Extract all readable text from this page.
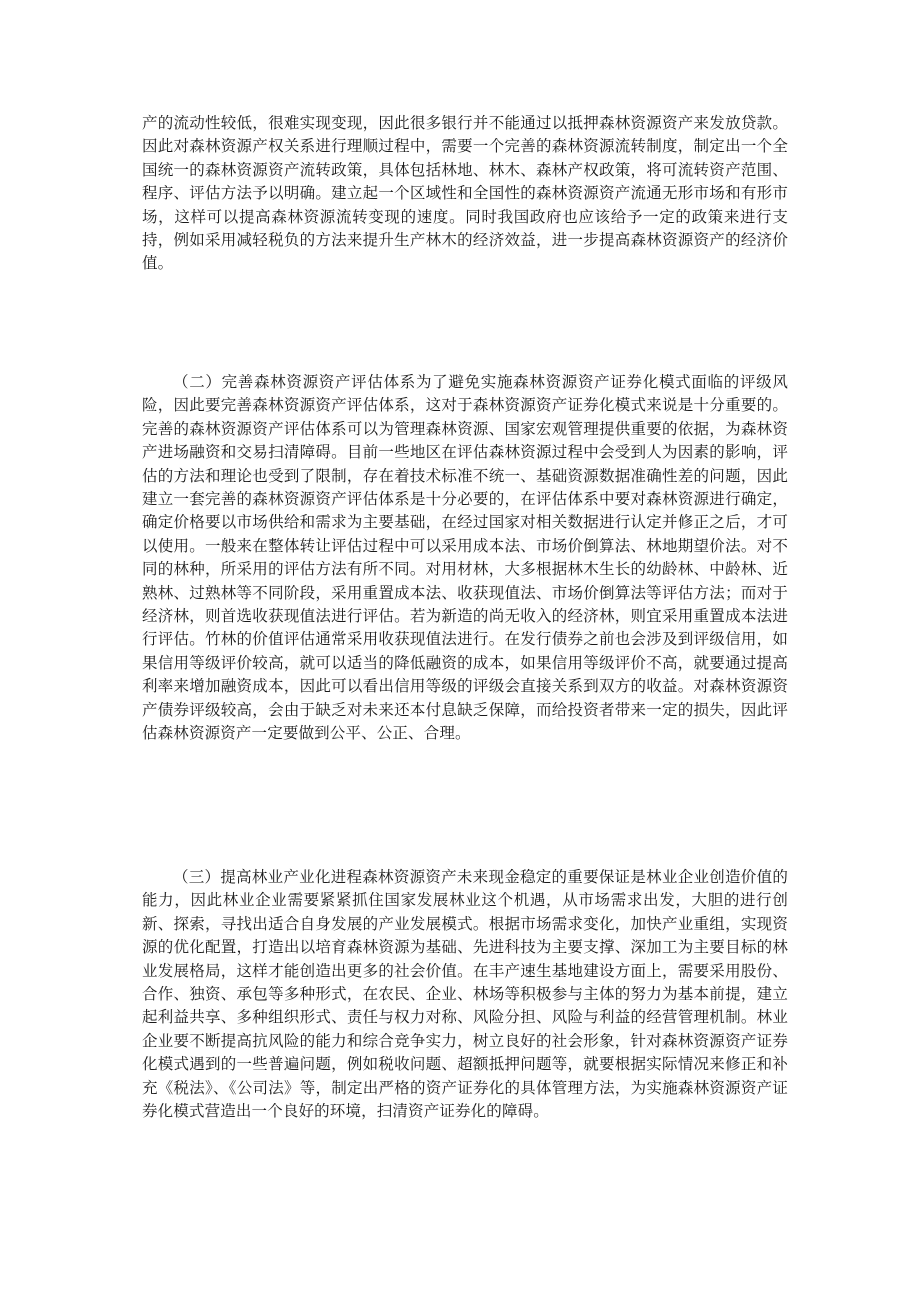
产的流动性较低，很难实现变现，因此很多银行并不能通过以抵押森林资源资产来发放贷款。因此对森林资源产权关系进行理顺过程中，需要一个完善的森林资源流转制度，制定出一个全国统一的森林资源资产流转政策，具体包括林地、林木、森林产权政策，将可流转资产范围、程序、评估方法予以明确。建立起一个区域性和全国性的森林资源资产流通无形市场和有形市场，这样可以提高森林资源流转变现的速度。同时我国政府也应该给予一定的政策来进行支持，例如采用减轻税负的方法来提升生产林木的经济效益，进一步提高森林资源资产的经济价值。

（二）完善森林资源资产评估体系为了避免实施森林资源资产证券化模式面临的评级风险，因此要完善森林资源资产评估体系，这对于森林资源资产证券化模式来说是十分重要的。完善的森林资源资产评估体系可以为管理森林资源、国家宏观管理提供重要的依据，为森林资产进场融资和交易扫清障碍。目前一些地区在评估森林资源过程中会受到人为因素的影响，评估的方法和理论也受到了限制，存在着技术标准不统一、基础资源数据准确性差的问题，因此建立一套完善的森林资源资产评估体系是十分必要的，在评估体系中要对森林资源进行确定，确定价格要以市场供给和需求为主要基础，在经过国家对相关数据进行认定并修正之后，才可以使用。一般来在整体转让评估过程中可以采用成本法、市场价倒算法、林地期望价法。对不同的林种，所采用的评估方法有所不同。对用材林，大多根据林木生长的幼龄林、中龄林、近熟林、过熟林等不同阶段，采用重置成本法、收获现值法、市场价倒算法等评估方法；而对于经济林，则首选收获现值法进行评估。若为新造的尚无收入的经济林，则宜采用重置成本法进行评估。竹林的价值评估通常采用收获现值法进行。在发行债券之前也会涉及到评级信用，如果信用等级评价较高，就可以适当的降低融资的成本，如果信用等级评价不高，就要通过提高利率来增加融资成本，因此可以看出信用等级的评级会直接关系到双方的收益。对森林资源资产债券评级较高，会由于缺乏对未来还本付息缺乏保障，而给投资者带来一定的损失，因此评估森林资源资产一定要做到公平、公正、合理。

（三）提高林业产业化进程森林资源资产未来现金稳定的重要保证是林业企业创造价值的能力，因此林业企业需要紧紧抓住国家发展林业这个机遇，从市场需求出发，大胆的进行创新、探索，寻找出适合自身发展的产业发展模式。根据市场需求变化，加快产业重组，实现资源的优化配置，打造出以培育森林资源为基础、先进科技为主要支撑、深加工为主要目标的林业发展格局，这样才能创造出更多的社会价值。在丰产速生基地建设方面上，需要采用股份、合作、独资、承包等多种形式，在农民、企业、林场等积极参与主体的努力为基本前提，建立起利益共享、多种组织形式、责任与权力对称、风险分担、风险与利益的经营管理机制。林业企业要不断提高抗风险的能力和综合竞争实力，树立良好的社会形象，针对森林资源资产证券化模式遇到的一些普遍问题，例如税收问题、超额抵押问题等，就要根据实际情况来修正和补充《税法》、《公司法》等，制定出严格的资产证券化的具体管理方法，为实施森林资源资产证券化模式营造出一个良好的环境，扫清资产证券化的障碍。
